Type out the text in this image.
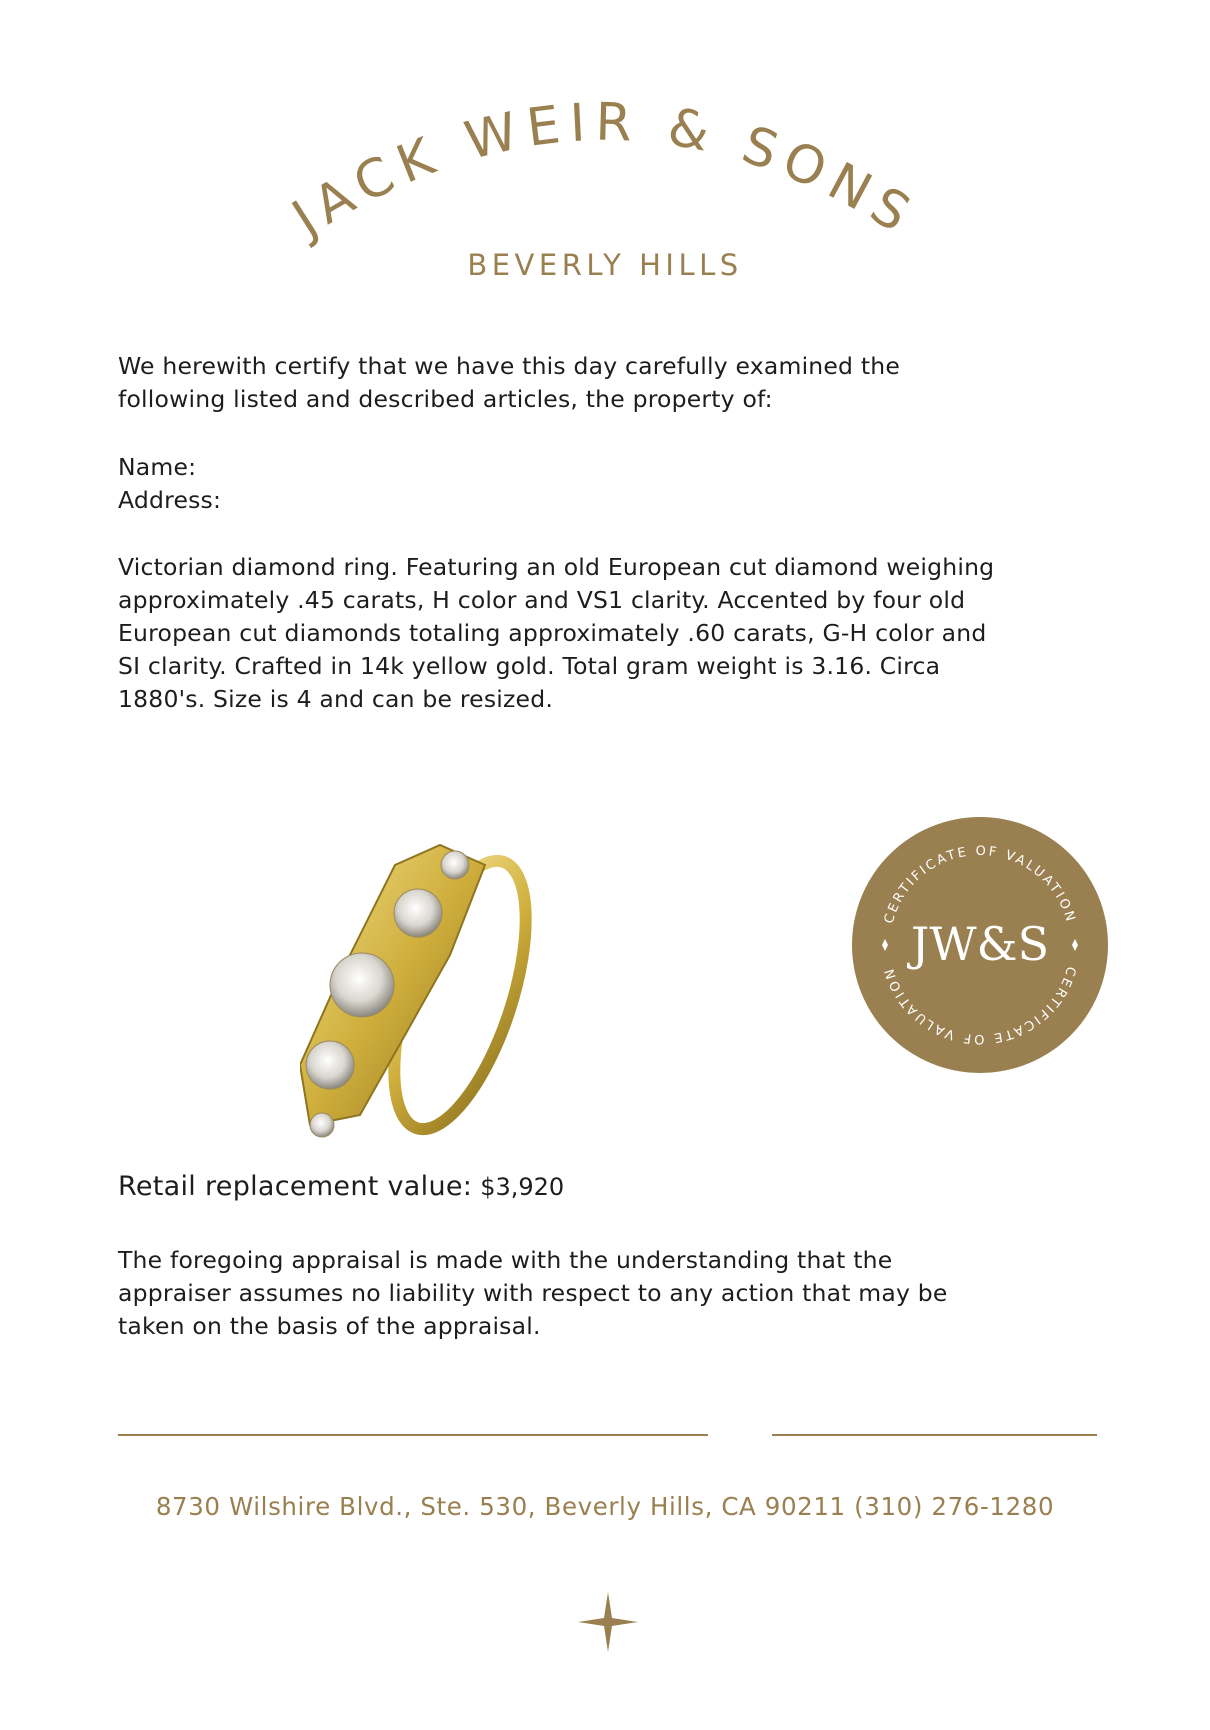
JACK WEIR & SONS
BEVERLY HILLS
We herewith certify that we have this day carefully examined the
following listed and described articles, the property of:
Name:
Address:
Victorian diamond ring. Featuring an old European cut diamond weighing
approximately .45 carats, H color and VS1 clarity. Accented by four old
European cut diamonds totaling approximately .60 carats, G-H color and
SI clarity. Crafted in 14k yellow gold. Total gram weight is 3.16. Circa
1880's. Size is 4 and can be resized.
CERTIFICATE OF VALUATION
CERTIFICATE OF VALUATION
JW&S
Retail replacement value: $3,920
The foregoing appraisal is made with the understanding that the
appraiser assumes no liability with respect to any action that may be
taken on the basis of the appraisal.
8730 Wilshire Blvd., Ste. 530, Beverly Hills, CA 90211 (310) 276-1280
